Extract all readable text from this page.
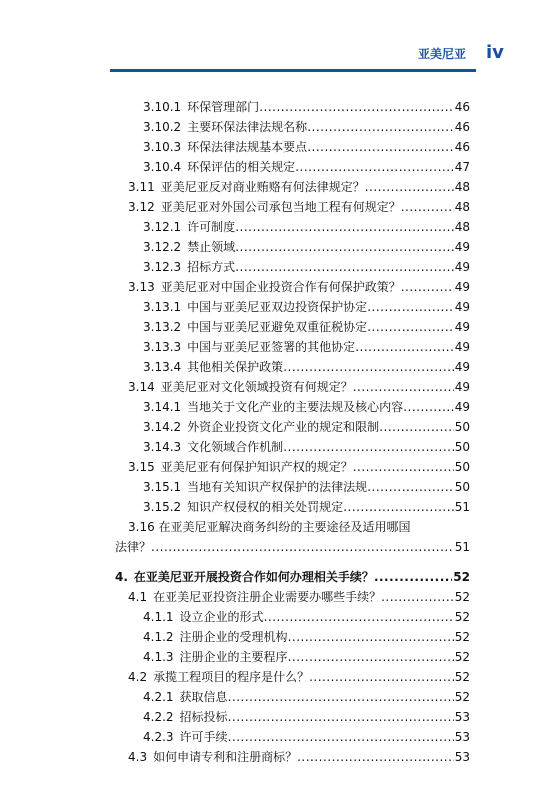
亚美尼亚	iv
3.10.1 环保管理部门 .....	46
3.10.2 主要环保法律法规名称 .....	46
3.10.3 环保法律法规基本要点 .....	46
3.10.4 环保评估的相关规定 .....	47
3.11 亚美尼亚反对商业贿赂有何法律规定？ .....	48
3.12 亚美尼亚对外国公司承包当地工程有何规定？ .....	48
3.12.1 许可制度 .....	48
3.12.2 禁止领域 .....	49
3.12.3 招标方式 .....	49
3.13 亚美尼亚对中国企业投资合作有何保护政策？ .....	49
3.13.1 中国与亚美尼亚双边投资保护协定 .....	49
3.13.2 中国与亚美尼亚避免双重征税协定 .....	49
3.13.3 中国与亚美尼亚签署的其他协定 .....	49
3.13.4 其他相关保护政策 .....	49
3.14 亚美尼亚对文化领域投资有何规定？ .....	49
3.14.1 当地关于文化产业的主要法规及核心内容 .....	49
3.14.2 外资企业投资文化产业的规定和限制 .....	50
3.14.3 文化领域合作机制 .....	50
3.15 亚美尼亚有何保护知识产权的规定？ .....	50
3.15.1 当地有关知识产权保护的法律法规 .....	50
3.15.2 知识产权侵权的相关处罚规定 .....	51
3.16 在亚美尼亚解决商务纠纷的主要途径及适用哪国
法律？ .....	51
4. 在亚美尼亚开展投资合作如何办理相关手续？ .....	52
4.1 在亚美尼亚投资注册企业需要办哪些手续？ .....	52
4.1.1 设立企业的形式 .....	52
4.1.2 注册企业的受理机构 .....	52
4.1.3 注册企业的主要程序 .....	52
4.2 承揽工程项目的程序是什么？ .....	52
4.2.1 获取信息 .....	52
4.2.2 招标投标 .....	53
4.2.3 许可手续 .....	53
4.3 如何申请专利和注册商标？ .....	53
